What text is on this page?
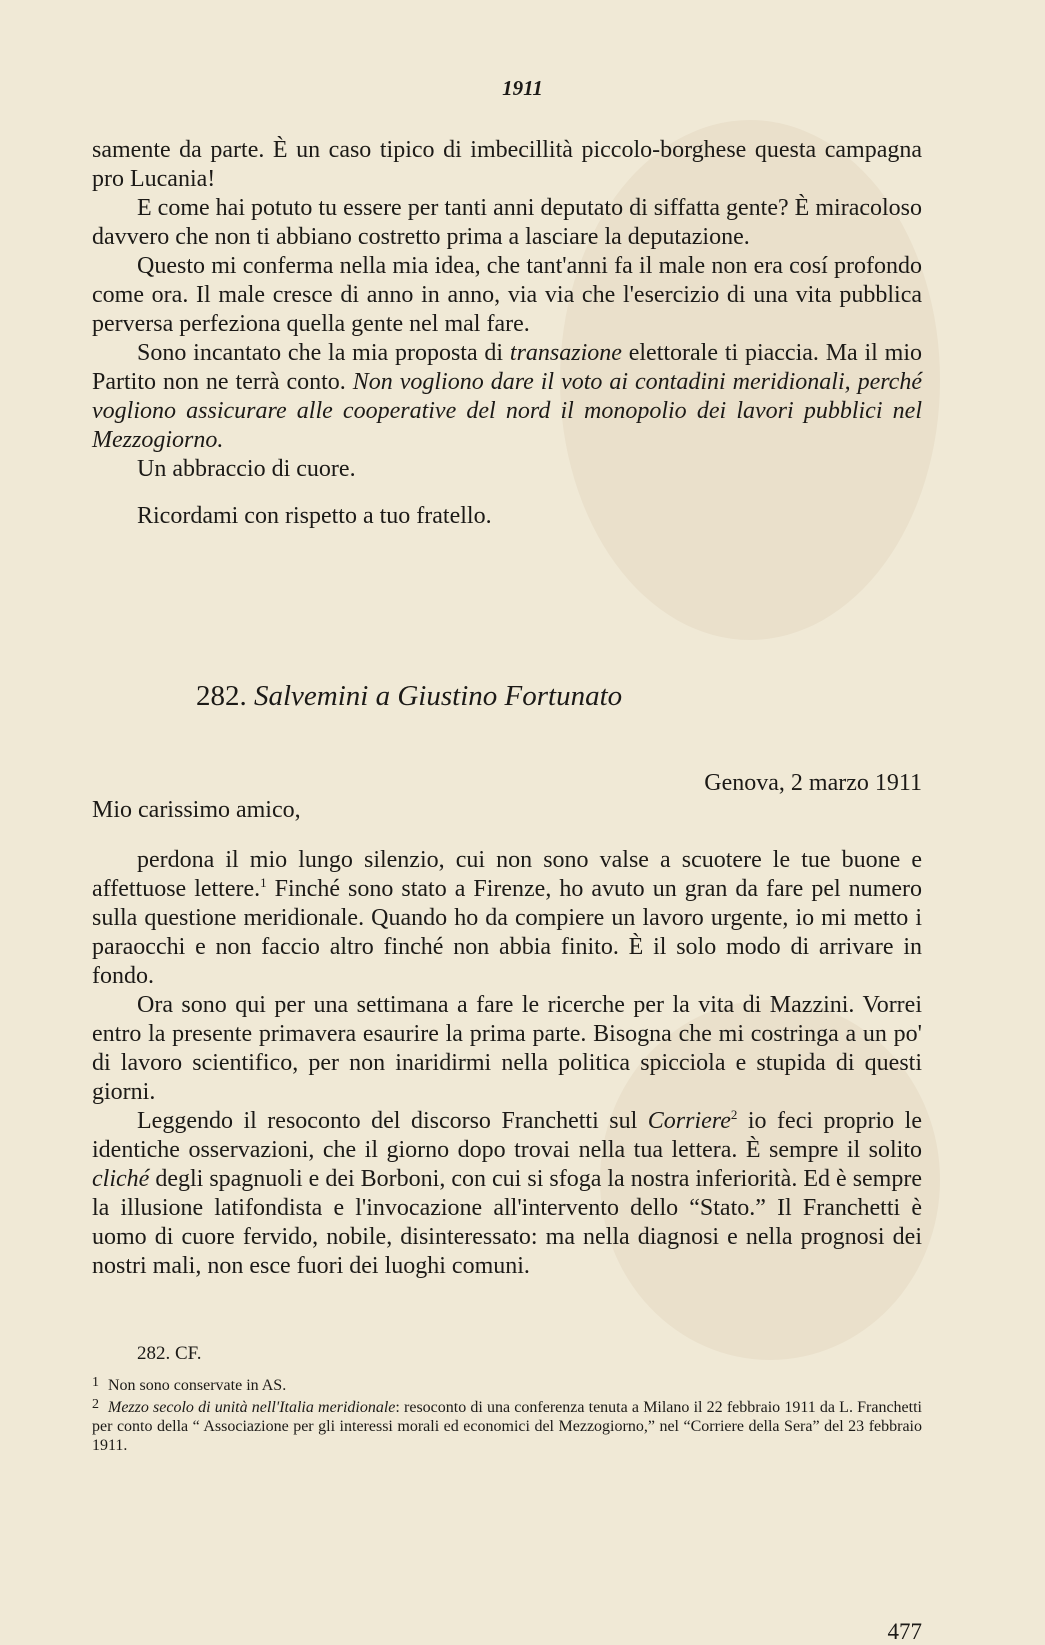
1911

samente da parte. È un caso tipico di imbecillità piccolo-borghese questa campagna pro Lucania!

E come hai potuto tu essere per tanti anni deputato di siffatta gente? È miracoloso davvero che non ti abbiano costretto prima a lasciare la deputazione.

Questo mi conferma nella mia idea, che tant'anni fa il male non era cosí profondo come ora. Il male cresce di anno in anno, via via che l'esercizio di una vita pubblica perversa perfeziona quella gente nel mal fare.

Sono incantato che la mia proposta di transazione elettorale ti piaccia. Ma il mio Partito non ne terrà conto. Non vogliono dare il voto ai contadini meridionali, perché vogliono assicurare alle cooperative del nord il monopolio dei lavori pubblici nel Mezzogiorno.

Un abbraccio di cuore.

Ricordami con rispetto a tuo fratello.

282. Salvemini a Giustino Fortunato
Genova, 2 marzo 1911
Mio carissimo amico,

perdona il mio lungo silenzio, cui non sono valse a scuotere le tue buone e affettuose lettere.$^1$ Finché sono stato a Firenze, ho avuto un gran da fare pel numero sulla questione meridionale. Quando ho da compiere un lavoro urgente, io mi metto i paraocchi e non faccio altro finché non abbia finito. È il solo modo di arrivare in fondo.

Ora sono qui per una settimana a fare le ricerche per la vita di Mazzini. Vorrei entro la presente primavera esaurire la prima parte. Bisogna che mi costringa a un po' di lavoro scientifico, per non inaridirmi nella politica spicciola e stupida di questi giorni.

Leggendo il resoconto del discorso Franchetti sul Corriere$^2$ io feci proprio le identiche osservazioni, che il giorno dopo trovai nella tua lettera. È sempre il solito cliché degli spagnuoli e dei Borboni, con cui si sfoga la nostra inferiorità. Ed è sempre la illusione latifondista e l'invocazione all'intervento dello “Stato.” Il Franchetti è uomo di cuore fervido, nobile, disinteressato: ma nella diagnosi e nella prognosi dei nostri mali, non esce fuori dei luoghi comuni.

282. CF.

1 Non sono conservate in AS.

2 Mezzo secolo di unità nell'Italia meridionale: resoconto di una conferenza tenuta a Milano il 22 febbraio 1911 da L. Franchetti per conto della “ Associazione per gli interessi morali ed economici del Mezzogiorno,” nel “Corriere della Sera” del 23 febbraio 1911.

477
